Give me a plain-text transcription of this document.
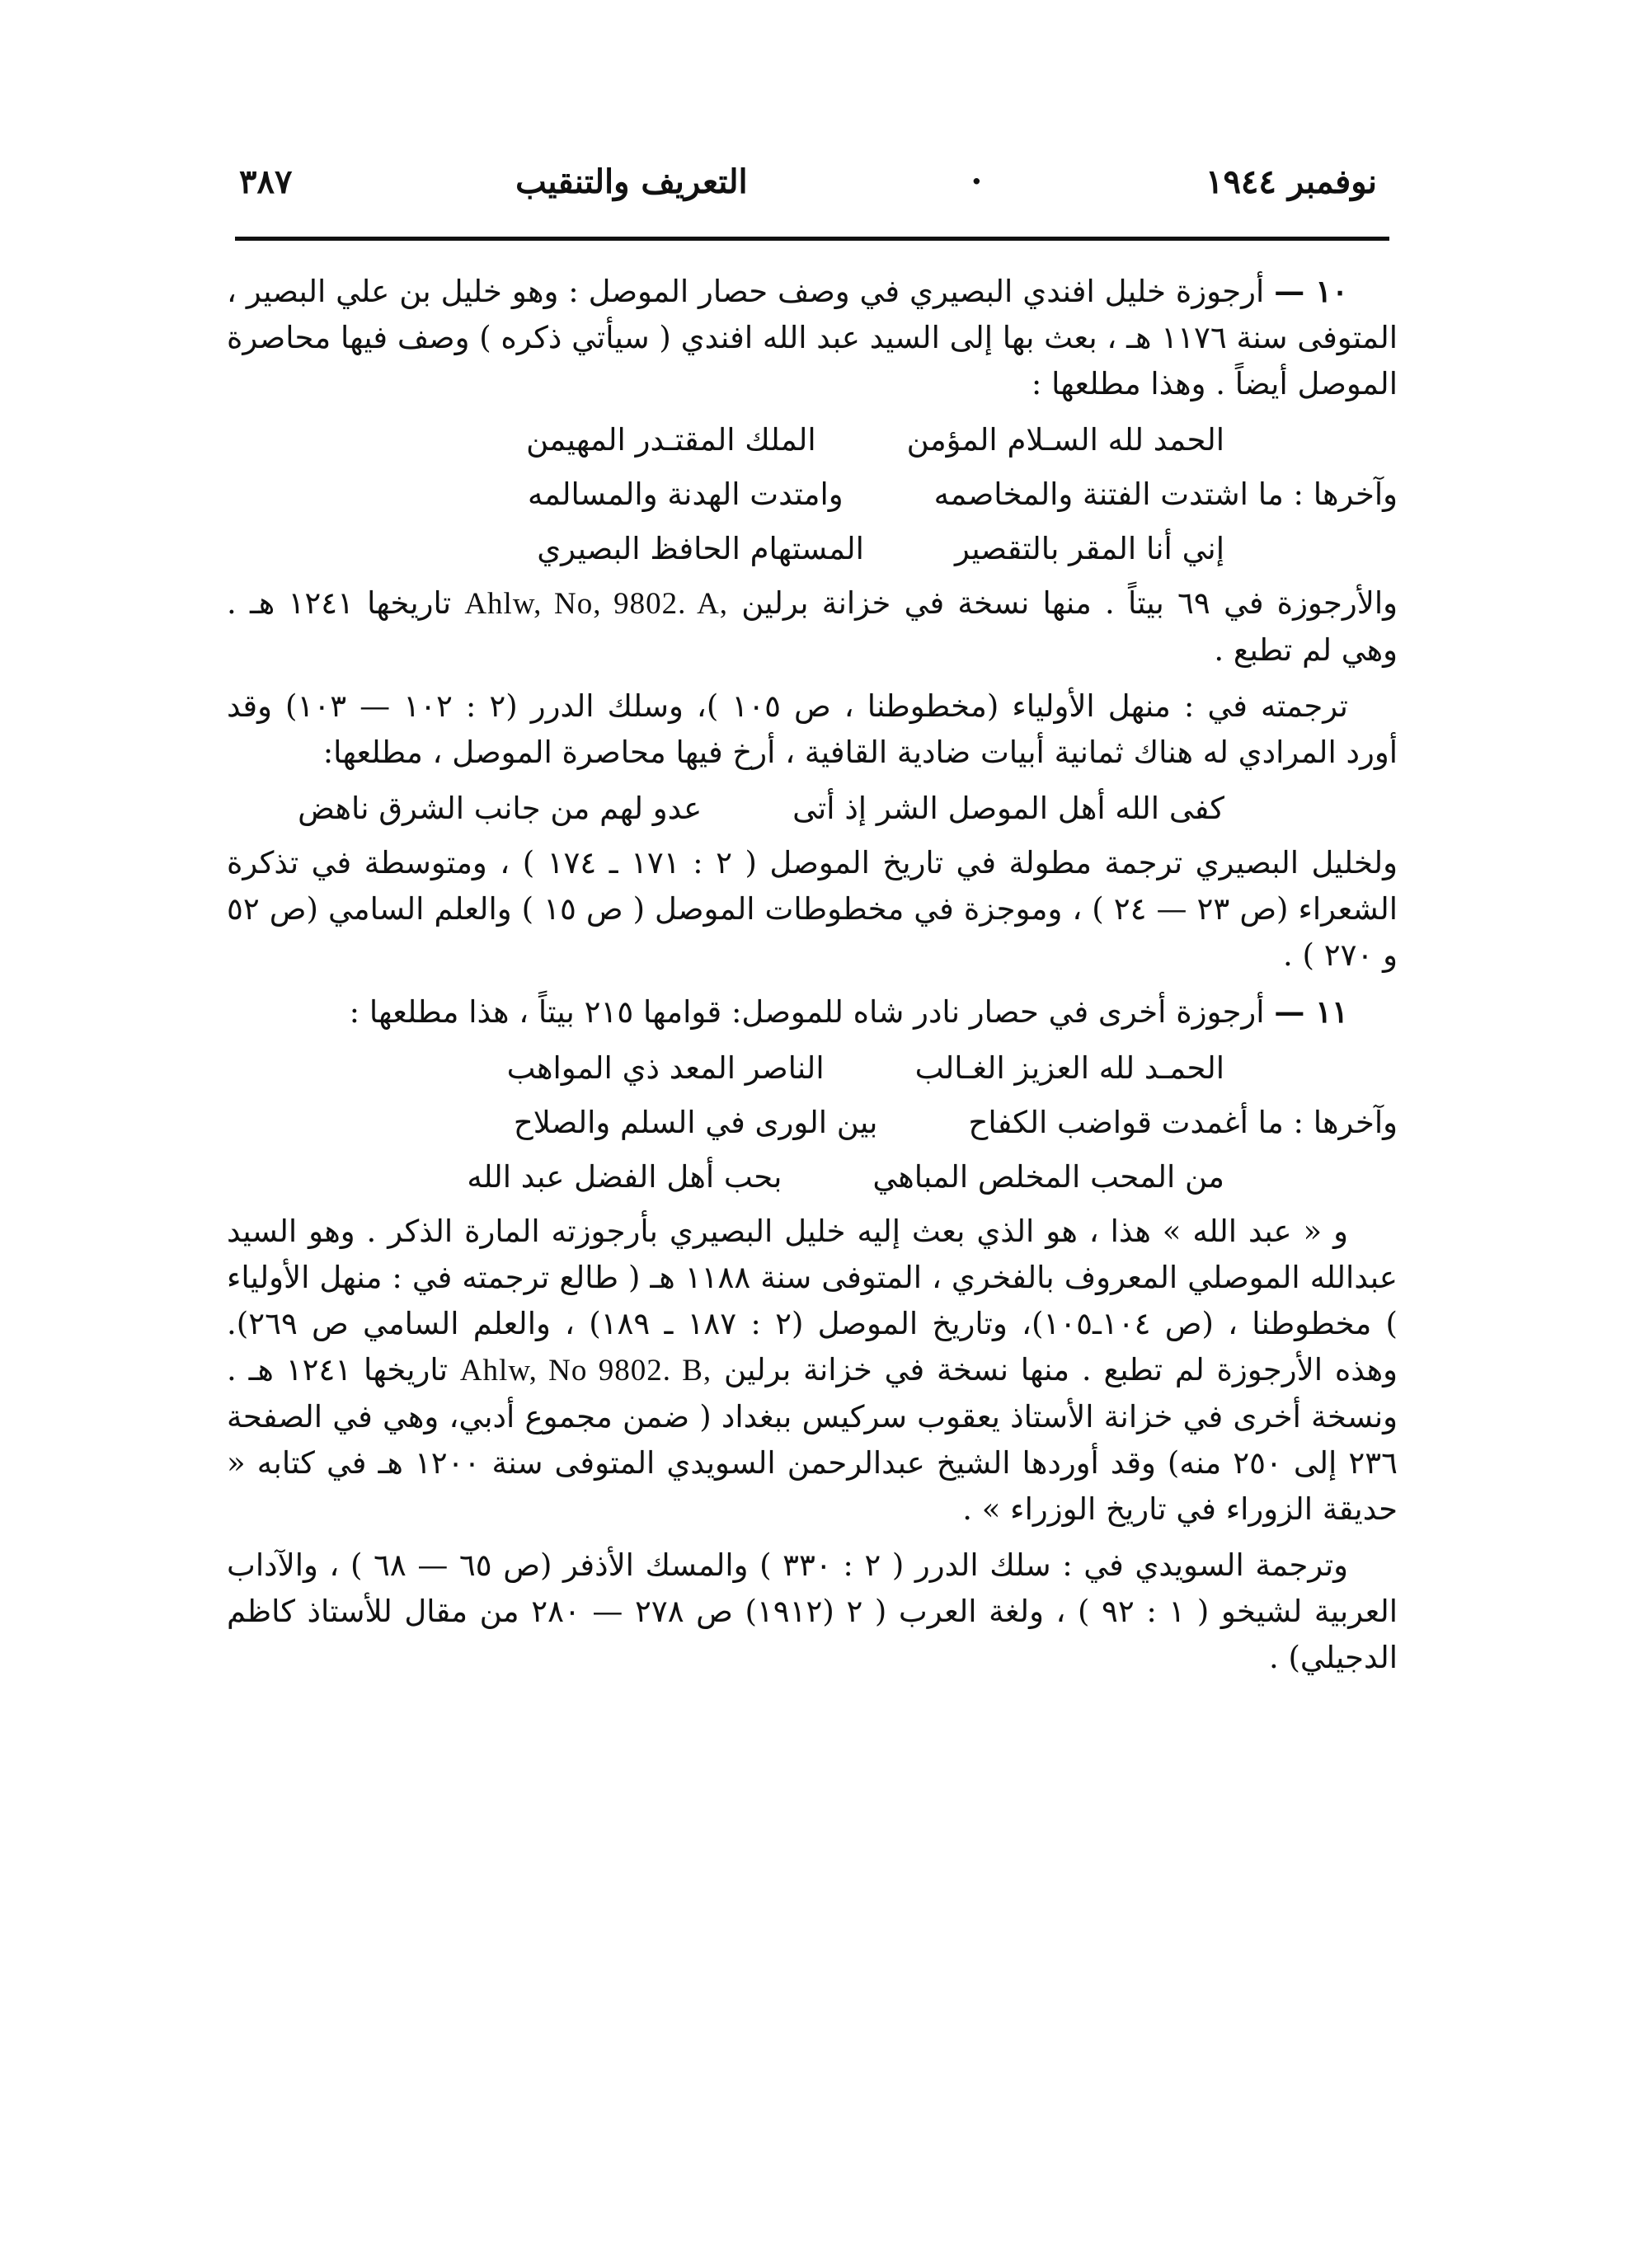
نوفمبر ١٩٤٤
·
التعريف والتنقيب
٣٨٧

١٠ — أرجوزة خليل افندي البصيري في وصف حصار الموصل : وهو خليل بن علي البصير ، المتوفى سنة ١١٧٦ هـ ، بعث بها إلى السيد عبد الله افندي ( سيأتي ذكره ) وصف فيها محاصرة الموصل أيضاً . وهذا مطلعها :

الحمد لله السـلام المؤمن
الملك المقتـدر المهيمن
وآخرها : ما اشتدت الفتنة والمخاصمه
وامتدت الهدنة والمسالمه
إني أنا المقر بالتقصير
المستهام الحافظ البصيري

والأرجوزة في ٦٩ بيتاً . منها نسخة في خزانة برلين Ahlw, No, 9802. A, تاريخها ١٢٤١ هـ . وهي لم تطبع .

ترجمته في : منهل الأولياء (مخطوطنا ، ص ١٠٥ )، وسلك الدرر (٢ : ١٠٢ — ١٠٣) وقد أورد المرادي له هناك ثمانية أبيات ضادية القافية ، أرخ فيها محاصرة الموصل ، مطلعها:

كفى الله أهل الموصل الشر إذ أتى
عدو لهم من جانب الشرق ناهض

ولخليل البصيري ترجمة مطولة في تاريخ الموصل ( ٢ : ١٧١ ـ ١٧٤ ) ، ومتوسطة في تذكرة الشعراء (ص ٢٣ — ٢٤ ) ، وموجزة في مخطوطات الموصل ( ص ١٥ ) والعلم السامي (ص ٥٢ و ٢٧٠ ) .

١١ — أرجوزة أخرى في حصار نادر شاه للموصل: قوامها ٢١٥ بيتاً ، هذا مطلعها :

الحمـد لله العزيز الغـالب
الناصر المعد ذي المواهب
وآخرها : ما أغمدت قواضب الكفاح
بين الورى في السلم والصلاح
من المحب المخلص المباهي
بحب أهل الفضل عبد الله

و « عبد الله » هذا ، هو الذي بعث إليه خليل البصيري بأرجوزته المارة الذكر . وهو السيد عبدالله الموصلي المعروف بالفخري ، المتوفى سنة ١١٨٨ هـ ( طالع ترجمته في : منهل الأولياء ) مخطوطنا ، (ص ١٠٤ـ١٠٥)، وتاريخ الموصل (٢ : ١٨٧ ـ ١٨٩) ، والعلم السامي ص ٢٦٩). وهذه الأرجوزة لم تطبع . منها نسخة في خزانة برلين Ahlw, No 9802. B, تاريخها ١٢٤١ هـ . ونسخة أخرى في خزانة الأستاذ يعقوب سركيس ببغداد ( ضمن مجموع أدبي، وهي في الصفحة ٢٣٦ إلى ٢٥٠ منه) وقد أوردها الشيخ عبدالرحمن السويدي المتوفى سنة ١٢٠٠ هـ في كتابه « حديقة الزوراء في تاريخ الوزراء » .

وترجمة السويدي في : سلك الدرر ( ٢ : ٣٣٠ ) والمسك الأذفر (ص ٦٥ — ٦٨ ) ، والآداب العربية لشيخو ( ١ : ٩٢ ) ، ولغة العرب ( ٢ (١٩١٢) ص ٢٧٨ — ٢٨٠ من مقال للأستاذ كاظم الدجيلي) .
